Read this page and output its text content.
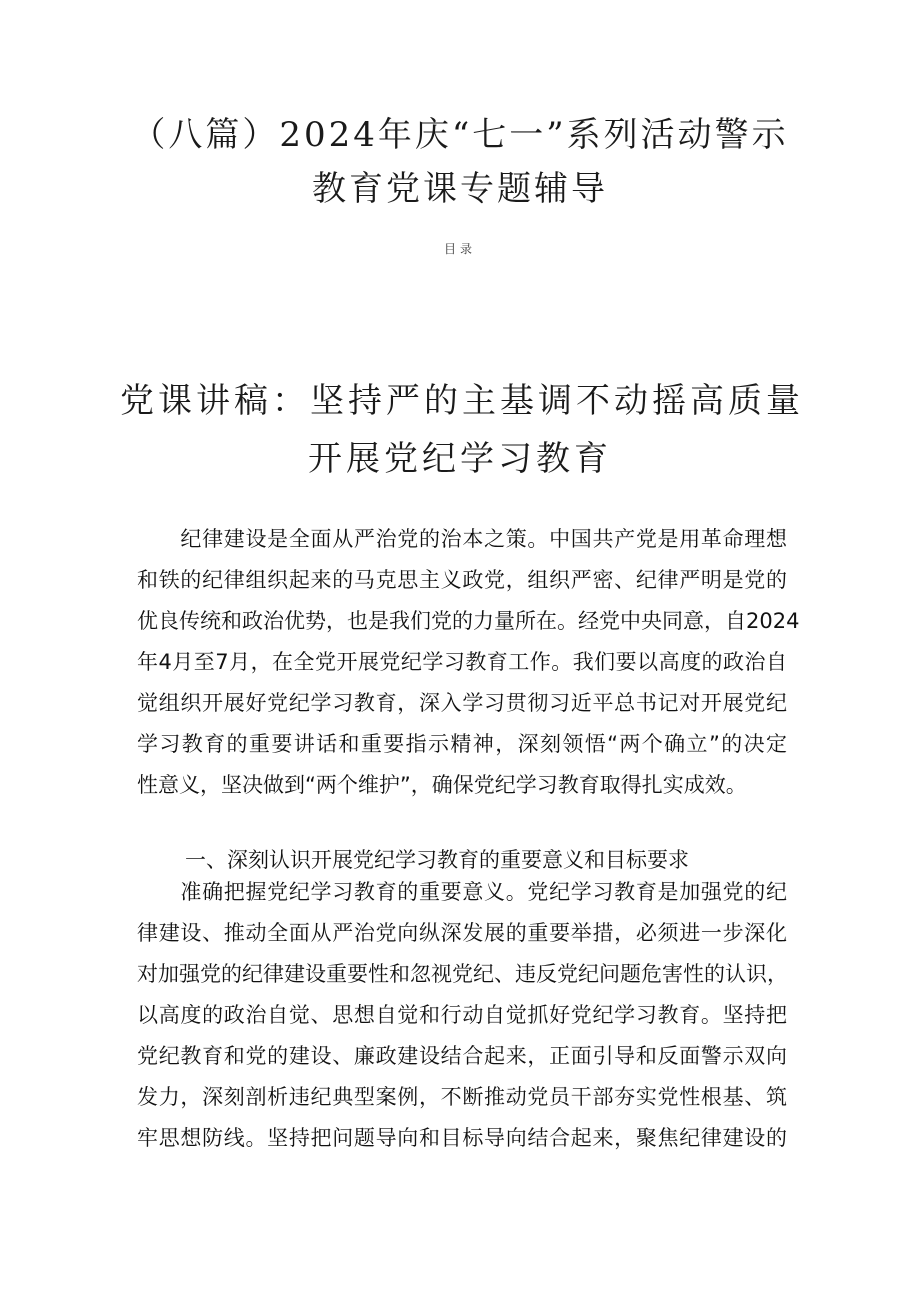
（八篇）2024年庆“七一”系列活动警示
教育党课专题辅导

目录

党课讲稿：坚持严的主基调不动摇高质量
开展党纪学习教育
　　纪律建设是全面从严治党的治本之策。中国共产党是用革命理想
和铁的纪律组织起来的马克思主义政党，组织严密、纪律严明是党的
优良传统和政治优势，也是我们党的力量所在。经党中央同意，自2024
年4月至7月，在全党开展党纪学习教育工作。我们要以高度的政治自
觉组织开展好党纪学习教育，深入学习贯彻习近平总书记对开展党纪
学习教育的重要讲话和重要指示精神，深刻领悟“两个确立”的决定
性意义，坚决做到“两个维护”，确保党纪学习教育取得扎实成效。

一、深刻认识开展党纪学习教育的重要意义和目标要求

　　准确把握党纪学习教育的重要意义。党纪学习教育是加强党的纪
律建设、推动全面从严治党向纵深发展的重要举措，必须进一步深化
对加强党的纪律建设重要性和忽视党纪、违反党纪问题危害性的认识，
以高度的政治自觉、思想自觉和行动自觉抓好党纪学习教育。坚持把
党纪教育和党的建设、廉政建设结合起来，正面引导和反面警示双向
发力，深刻剖析违纪典型案例，不断推动党员干部夯实党性根基、筑
牢思想防线。坚持把问题导向和目标导向结合起来，聚焦纪律建设的
